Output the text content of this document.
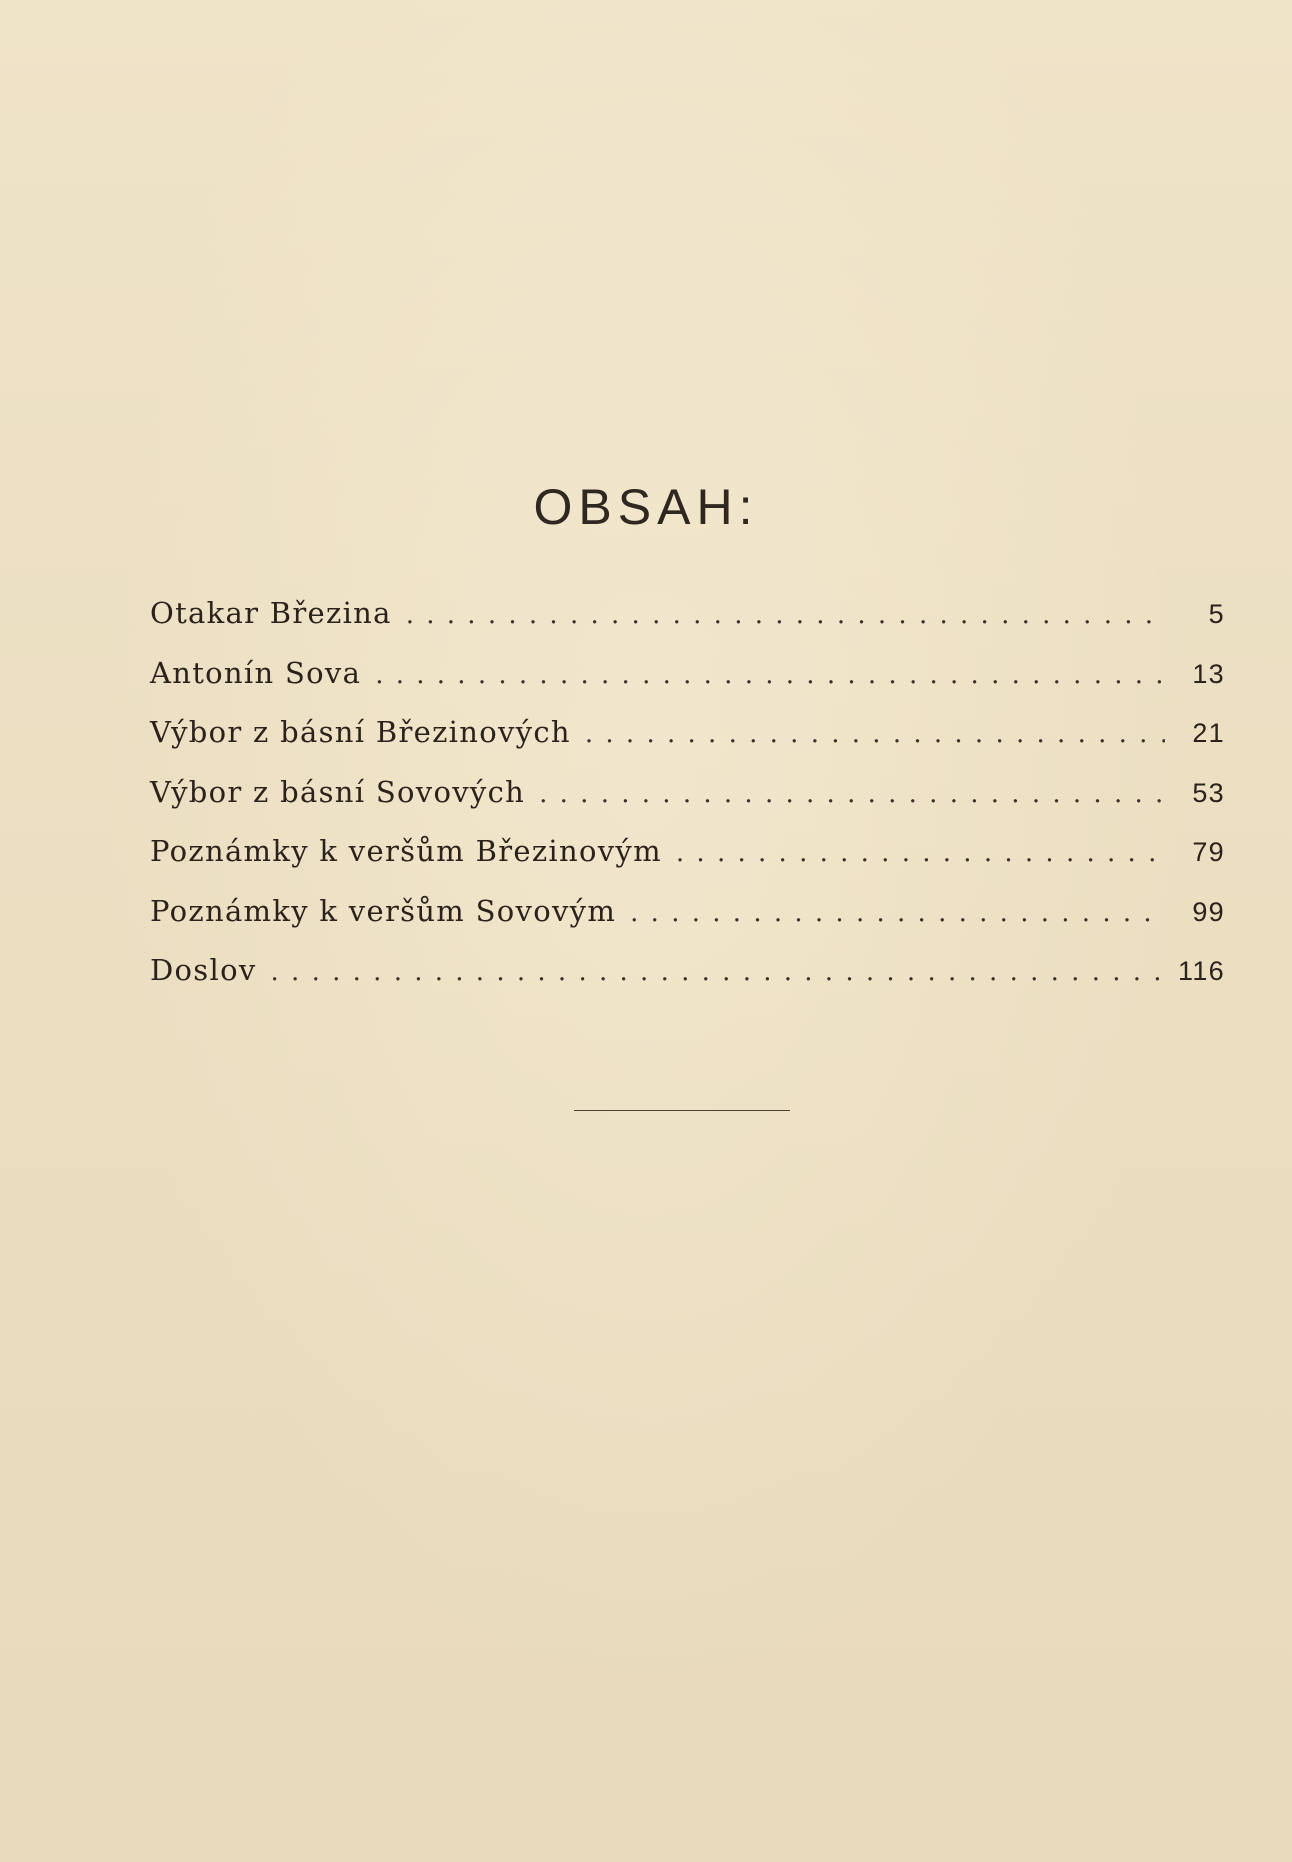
OBSAH:
Otakar Březina . . .	5
Antonín Sova . . .	13
Výbor z básní Březinových . . .	21
Výbor z básní Sovových . . .	53
Poznámky k veršům Březinovým . . .	79
Poznámky k veršům Sovovým . . .	99
Doslov . . .	116
